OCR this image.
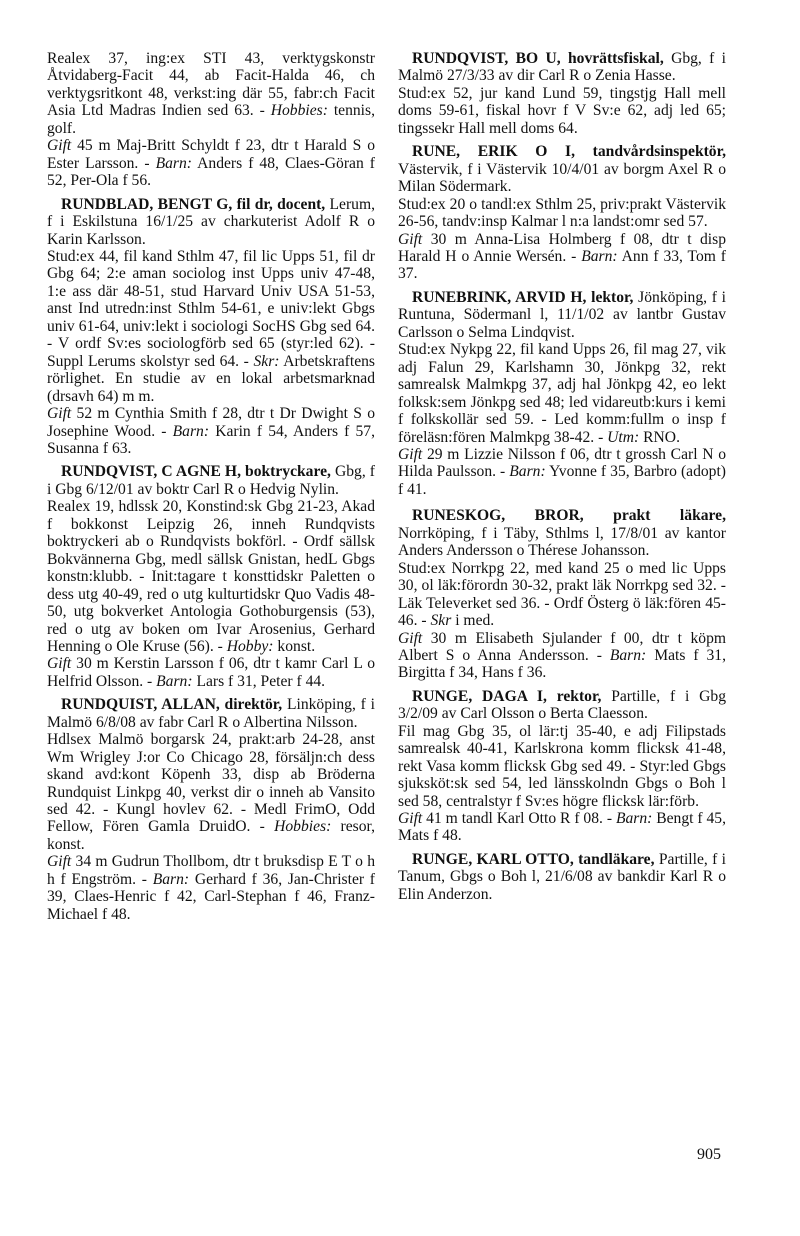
Realex 37, ing:ex STI 43, verktygskonstr Åtvidaberg-Facit 44, ab Facit-Halda 46, ch verktygsritkont 48, verkst:ing där 55, fabr:ch Facit Asia Ltd Madras Indien sed 63. - Hobbies: tennis, golf.
Gift 45 m Maj-Britt Schyldt f 23, dtr t Harald S o Ester Larsson. - Barn: Anders f 48, Claes-Göran f 52, Per-Ola f 56.
RUNDBLAD, BENGT G, fil dr, docent, Lerum, f i Eskilstuna 16/1/25 av charkuterist Adolf R o Karin Karlsson.
Stud:ex 44, fil kand Sthlm 47, fil lic Upps 51, fil dr Gbg 64; 2:e aman sociolog inst Upps univ 47-48, 1:e ass där 48-51, stud Harvard Univ USA 51-53, anst Ind utredn:inst Sthlm 54-61, e univ:lekt Gbgs univ 61-64, univ:lekt i sociologi SocHS Gbg sed 64. - V ordf Sv:es sociologförb sed 65 (styr:led 62). - Suppl Lerums skolstyr sed 64. - Skr: Arbetskraftens rörlighet. En studie av en lokal arbetsmarknad (drsavh 64) m m.
Gift 52 m Cynthia Smith f 28, dtr t Dr Dwight S o Josephine Wood. - Barn: Karin f 54, Anders f 57, Susanna f 63.
RUNDQVIST, C AGNE H, boktryckare, Gbg, f i Gbg 6/12/01 av boktr Carl R o Hedvig Nylin.
Realex 19, hdlssk 20, Konstind:sk Gbg 21-23, Akad f bokkonst Leipzig 26, inneh Rundqvists boktryckeri ab o Rundqvists bokförl. - Ordf sällsk Bokvännerna Gbg, medl sällsk Gnistan, hedL Gbgs konstn:klubb. - Init:tagare t konsttidskr Paletten o dess utg 40-49, red o utg kulturtidskr Quo Vadis 48-50, utg bokverket Antologia Gothoburgensis (53), red o utg av boken om Ivar Arosenius, Gerhard Henning o Ole Kruse (56). - Hobby: konst.
Gift 30 m Kerstin Larsson f 06, dtr t kamr Carl L o Helfrid Olsson. - Barn: Lars f 31, Peter f 44.
RUNDQUIST, ALLAN, direktör, Linköping, f i Malmö 6/8/08 av fabr Carl R o Albertina Nilsson.
Hdlsex Malmö borgarsk 24, prakt:arb 24-28, anst Wm Wrigley J:or Co Chicago 28, försäljn:ch dess skand avd:kont Köpenh 33, disp ab Bröderna Rundquist Linkpg 40, verkst dir o inneh ab Vansito sed 42. - Kungl hovlev 62. - Medl FrimO, Odd Fellow, Fören Gamla DruidO. - Hobbies: resor, konst.
Gift 34 m Gudrun Thollbom, dtr t bruksdisp E T o h h f Engström. - Barn: Gerhard f 36, Jan-Christer f 39, Claes-Henric f 42, Carl-Stephan f 46, Franz-Michael f 48.
RUNDQVIST, BO U, hovrättsfiskal, Gbg, f i Malmö 27/3/33 av dir Carl R o Zenia Hasse.
Stud:ex 52, jur kand Lund 59, tingstjg Hall mell doms 59-61, fiskal hovr f V Sv:e 62, adj led 65; tingssekr Hall mell doms 64.
RUNE, ERIK O I, tandvårdsinspektör, Västervik, f i Västervik 10/4/01 av borgm Axel R o Milan Södermark.
Stud:ex 20 o tandl:ex Sthlm 25, priv:prakt Västervik 26-56, tandv:insp Kalmar l n:a landst:omr sed 57.
Gift 30 m Anna-Lisa Holmberg f 08, dtr t disp Harald H o Annie Wersén. - Barn: Ann f 33, Tom f 37.
RUNEBRINK, ARVID H, lektor, Jönköping, f i Runtuna, Södermanl l, 11/1/02 av lantbr Gustav Carlsson o Selma Lindqvist.
Stud:ex Nykpg 22, fil kand Upps 26, fil mag 27, vik adj Falun 29, Karlshamn 30, Jönkpg 32, rekt samrealsk Malmkpg 37, adj hal Jönkpg 42, eo lekt folksk:sem Jönkpg sed 48; led vidareutb:kurs i kemi f folkskollär sed 59. - Led komm:fullm o insp f föreläsn:fören Malmkpg 38-42. - Utm: RNO.
Gift 29 m Lizzie Nilsson f 06, dtr t grossh Carl N o Hilda Paulsson. - Barn: Yvonne f 35, Barbro (adopt) f 41.
RUNESKOG, BROR, prakt läkare, Norrköping, f i Täby, Sthlms l, 17/8/01 av kantor Anders Andersson o Thérese Johansson.
Stud:ex Norrkpg 22, med kand 25 o med lic Upps 30, ol läk:förordn 30-32, prakt läk Norrkpg sed 32. - Läk Televerket sed 36. - Ordf Österg ö läk:fören 45-46. - Skr i med.
Gift 30 m Elisabeth Sjulander f 00, dtr t köpm Albert S o Anna Andersson. - Barn: Mats f 31, Birgitta f 34, Hans f 36.
RUNGE, DAGA I, rektor, Partille, f i Gbg 3/2/09 av Carl Olsson o Berta Claesson.
Fil mag Gbg 35, ol lär:tj 35-40, e adj Filipstads samrealsk 40-41, Karlskrona komm flicksk 41-48, rekt Vasa komm flicksk Gbg sed 49. - Styr:led Gbgs sjuksköt:sk sed 54, led länsskolndn Gbgs o Boh l sed 58, centralstyr f Sv:es högre flicksk lär:förb.
Gift 41 m tandl Karl Otto R f 08. - Barn: Bengt f 45, Mats f 48.
RUNGE, KARL OTTO, tandläkare, Partille, f i Tanum, Gbgs o Boh l, 21/6/08 av bankdir Karl R o Elin Anderzon.
905
